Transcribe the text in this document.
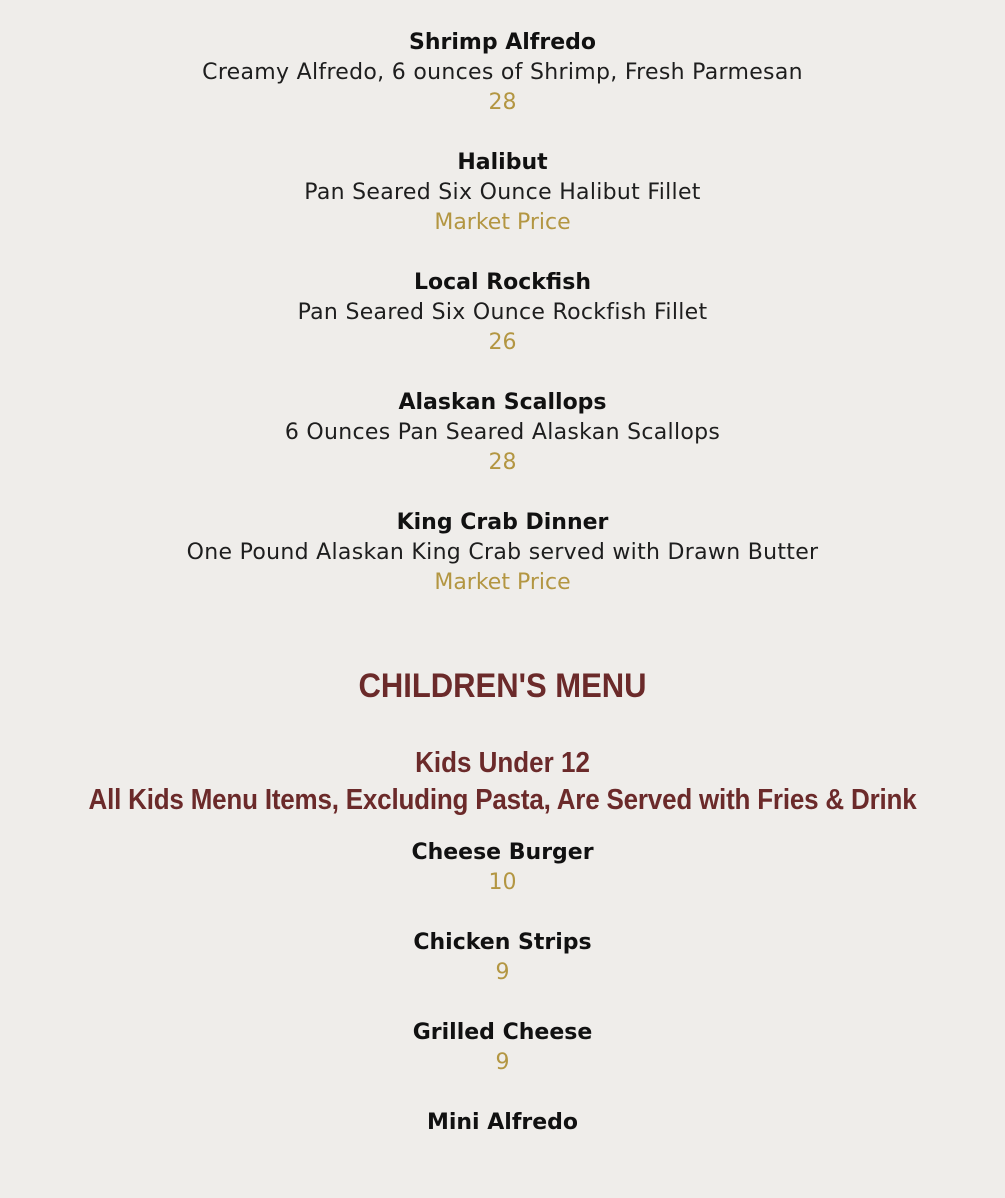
Shrimp Alfredo
Creamy Alfredo, 6 ounces of Shrimp, Fresh Parmesan
28
Halibut
Pan Seared Six Ounce Halibut Fillet
Market Price
Local Rockfish
Pan Seared Six Ounce Rockfish Fillet
26
Alaskan Scallops
6 Ounces Pan Seared Alaskan Scallops
28
King Crab Dinner
One Pound Alaskan King Crab served with Drawn Butter
Market Price
CHILDREN'S MENU
Kids Under 12
All Kids Menu Items, Excluding Pasta, Are Served with Fries & Drink
Cheese Burger
10
Chicken Strips
9
Grilled Cheese
9
Mini Alfredo
